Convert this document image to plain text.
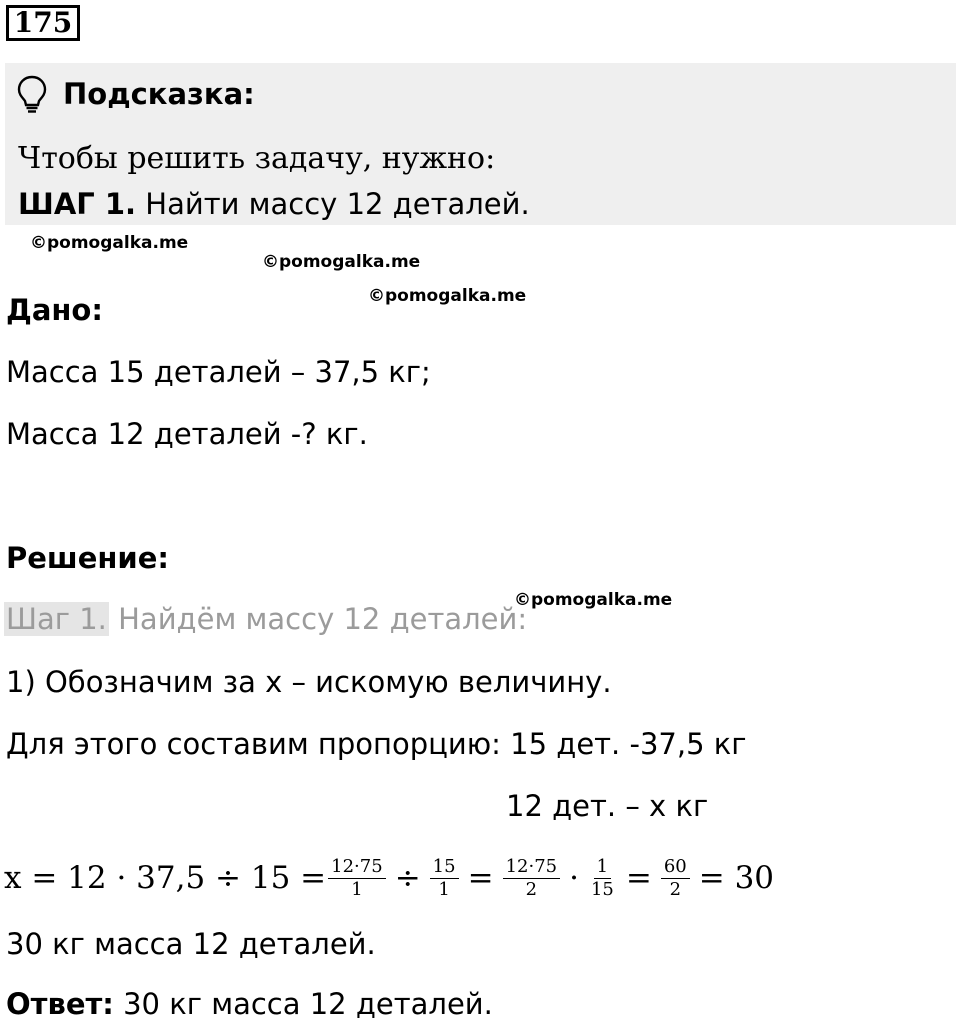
175
Подсказка:
Чтобы решить задачу, нужно:
ШАГ 1. Найти массу 12 деталей.
©pomogalka.me
©pomogalka.me
©pomogalka.me
Дано:
Масса 15 деталей – 37,5 кг;
Масса 12 деталей -? кг.
Решение:
Шаг 1. Найдём массу 12 деталей:
©pomogalka.me
1) Обозначим за х – искомую величину.
Для этого составим пропорцию: 15 дет. -37,5 кг
12 дет. – х кг
$x = 12 \cdot 37,5 \div 15 = \frac{12\cdot 75}{1} \div \frac{15}{1} = \frac{12\cdot 75}{2} \cdot \frac{1}{15} = \frac{60}{2} = 30$
30 кг масса 12 деталей.
Ответ: 30 кг масса 12 деталей.
